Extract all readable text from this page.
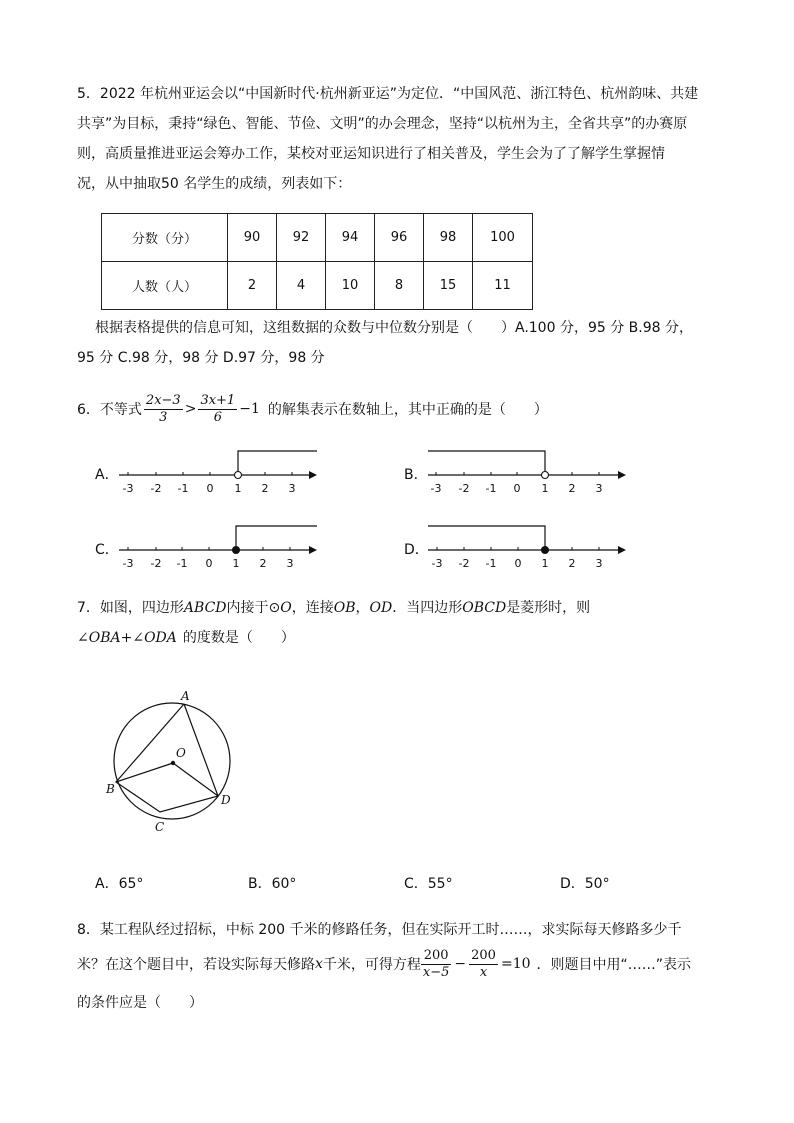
5．2022 年杭州亚运会以“中国新时代·杭州新亚运”为定位．“中国风范、浙江特色、杭州韵味、共建
共享”为目标，秉持“绿色、智能、节俭、文明”的办会理念，坚持“以杭州为主，全省共享”的办赛原
则，高质量推进亚运会筹办工作，某校对亚运知识进行了相关普及，学生会为了了解学生掌握情
况，从中抽取50 名学生的成绩，列表如下：
分数（分）	90	92	94	96	98	100
人数（人）	2	4	10	8	15	11
根据表格提供的信息可知，这组数据的众数与中位数分别是（　　）A.100 分，95 分 B.98 分，
95 分 C.98 分，98 分 D.97 分，98 分
6．不等式 $\frac{2x-3}{3} > \frac{3x+1}{6} -1$ 的解集表示在数轴上，其中正确的是（　　）
A．
-3 -2 -1 0 1 2 3
B．
-3 -2 -1 0 1 2 3
C．
-3 -2 -1 0 1 2 3
D．
-3 -2 -1 0 1 2 3
7．如图，四边形ABCD内接于⊙O，连接OB，OD．当四边形OBCD是菱形时，则
∠OBA+∠ODA 的度数是（　　）
A
B
C
D
O
A．65°	B．60°	C．55°	D．50°
8．某工程队经过招标，中标 200 千米的修路任务，但在实际开工时……，求实际每天修路多少千
米？在这个题目中，若设实际每天修路 x 千米，可得方程 $\frac{200}{x-5} - \frac{200}{x} =10$ ．则题目中用“……”表示
的条件应是（　　）
